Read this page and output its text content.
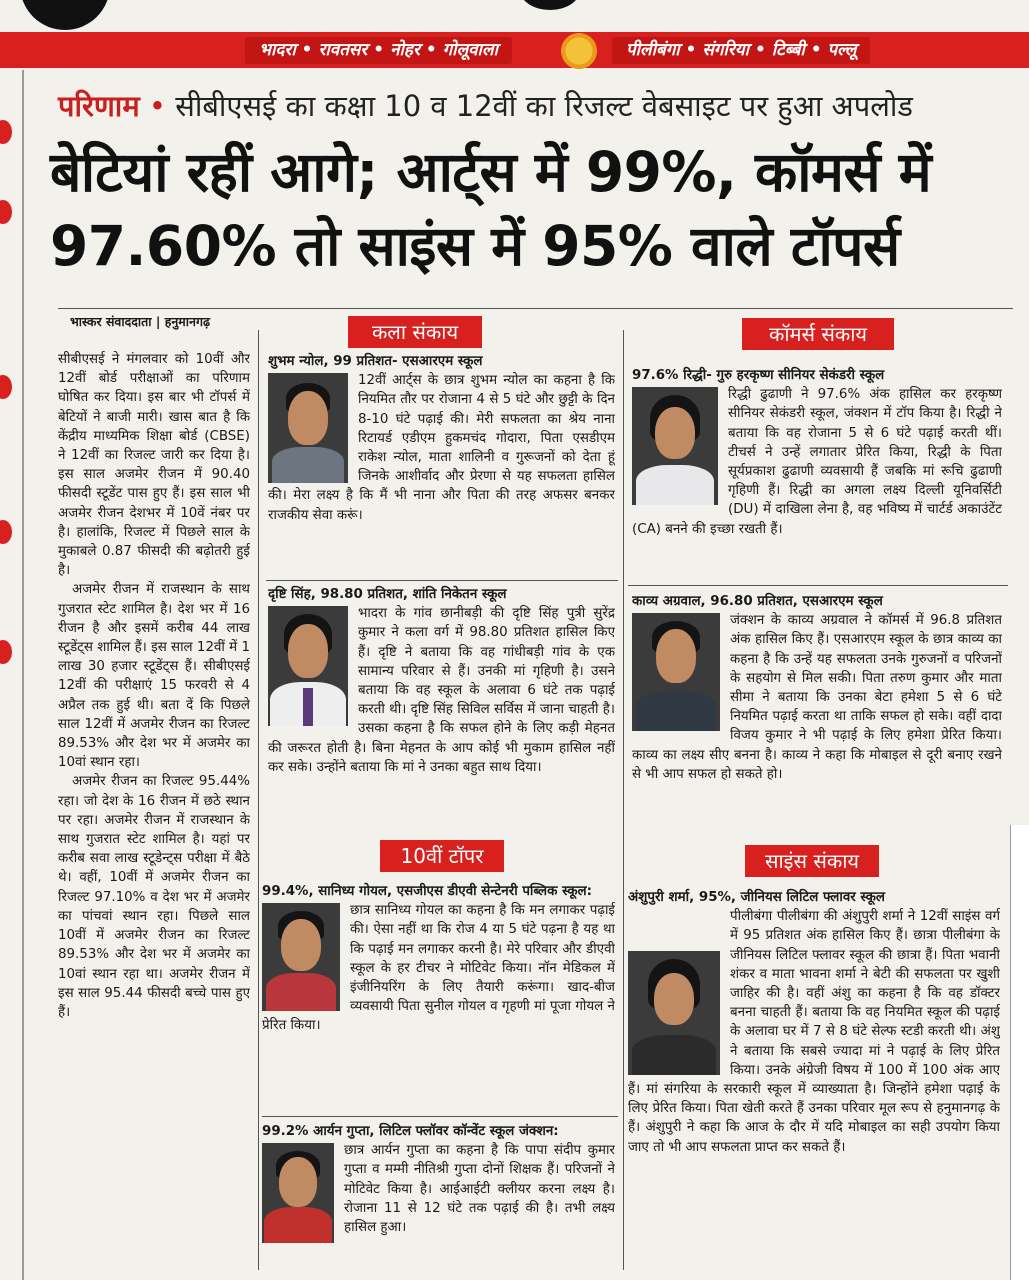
भादरा • रावतसर • नोहर • गोलूवाला	पीलीबंगा • संगरिया • टिब्बी • पल्लू
परिणाम • सीबीएसई का कक्षा 10 व 12वीं का रिजल्ट वेबसाइट पर हुआ अपलोड
बेटियां रहीं आगे; आर्ट्स में 99%, कॉमर्स में
97.60% तो साइंस में 95% वाले टॉपर्स
भास्कर संवाददाता | हनुमानगढ़

सीबीएसई ने मंगलवार को 10वीं और 12वीं बोर्ड परीक्षाओं का परिणाम घोषित कर दिया। इस बार भी टॉपर्स में बेटियों ने बाजी मारी। खास बात है कि केंद्रीय माध्यमिक शिक्षा बोर्ड (CBSE) ने 12वीं का रिजल्ट जारी कर दिया है। इस साल अजमेर रीजन में 90.40 फीसदी स्टूडेंट पास हुए हैं। इस साल भी अजमेर रीजन देशभर में 10वें नंबर पर है। हालांकि, रिजल्ट में पिछले साल के मुकाबले 0.87 फीसदी की बढ़ोतरी हुई है।

अजमेर रीजन में राजस्थान के साथ गुजरात स्टेट शामिल है। देश भर में 16 रीजन है और इसमें करीब 44 लाख स्टूडेंट्स शामिल हैं। इस साल 12वीं में 1 लाख 30 हजार स्टूडेंट्स हैं। सीबीएसई 12वीं की परीक्षाएं 15 फरवरी से 4 अप्रैल तक हुई थी। बता दें कि पिछले साल 12वीं में अजमेर रीजन का रिजल्ट 89.53% और देश भर में अजमेर का 10वां स्थान रहा।

अजमेर रीजन का रिजल्ट 95.44% रहा। जो देश के 16 रीजन में छठे स्थान पर रहा। अजमेर रीजन में राजस्थान के साथ गुजरात स्टेट शामिल है। यहां पर करीब सवा लाख स्टूडेन्ट्स परीक्षा में बैठे थे। वहीं, 10वीं में अजमेर रीजन का रिजल्ट 97.10% व देश भर में अजमेर का पांचवां स्थान रहा। पिछले साल 10वीं में अजमेर रीजन का रिजल्ट 89.53% और देश भर में अजमेर का 10वां स्थान रहा था। अजमेर रीजन में इस साल 95.44 फीसदी बच्चे पास हुए हैं।

कला संकाय
शुभम न्योल, 99 प्रतिशत- एसआरएम स्कूल
12वीं आर्ट्स के छात्र शुभम न्योल का कहना है कि नियमित तौर पर रोजाना 4 से 5 घंटे और छुट्टी के दिन 8-10 घंटे पढ़ाई की। मेरी सफलता का श्रेय नाना रिटायर्ड एडीएम हुकमचंद गोदारा, पिता एसडीएम राकेश न्योल, माता शालिनी व गुरूजनों को देता हूं जिनके आशीर्वाद और प्रेरणा से यह सफलता हासिल की। मेरा लक्ष्य है कि मैं भी नाना और पिता की तरह अफसर बनकर राजकीय सेवा करूं।
दृष्टि सिंह, 98.80 प्रतिशत, शांति निकेतन स्कूल
भादरा के गांव छानीबड़ी की दृष्टि सिंह पुत्री सुरेंद्र कुमार ने कला वर्ग में 98.80 प्रतिशत हासिल किए हैं। दृष्टि ने बताया कि वह गांधीबड़ी गांव के एक सामान्य परिवार से हैं। उनकी मां गृहिणी है। उसने बताया कि वह स्कूल के अलावा 6 घंटे तक पढ़ाई करती थी। दृष्टि सिंह सिविल सर्विस में जाना चाहती है। उसका कहना है कि सफल होने के लिए कड़ी मेहनत की जरूरत होती है। बिना मेहनत के आप कोई भी मुकाम हासिल नहीं कर सके। उन्होंने बताया कि मां ने उनका बहुत साथ दिया।
10वीं टॉपर
99.4%, सानिध्य गोयल, एसजीएस डीएवी सेन्टेनरी पब्लिक स्कूल:
छात्र सानिध्य गोयल का कहना है कि मन लगाकर पढ़ाई की। ऐसा नहीं था कि रोज 4 या 5 घंटे पढ़ना है यह था कि पढ़ाई मन लगाकर करनी है। मेरे परिवार और डीएवी स्कूल के हर टीचर ने मोटिवेट किया। नॉन मेडिकल में इंजीनियरिंग के लिए तैयारी करूंगा। खाद-बीज व्यवसायी पिता सुनील गोयल व गृहणी मां पूजा गोयल ने प्रेरित किया।
99.2% आर्यन गुप्ता, लिटिल फ्लॉवर कॉन्वेंट स्कूल जंक्शन:
छात्र आर्यन गुप्ता का कहना है कि पापा संदीप कुमार गुप्ता व मम्मी नीतिश्री गुप्ता दोनों शिक्षक हैं। परिजनों ने मोटिवेट किया है। आईआईटी क्लीयर करना लक्ष्य है। रोजाना 11 से 12 घंटे तक पढ़ाई की है। तभी लक्ष्य हासिल हुआ।
कॉमर्स संकाय
97.6% रिद्धी- गुरु हरकृष्ण सीनियर सेकंडरी स्कूल
रिद्धी ढुढाणी ने 97.6% अंक हासिल कर हरकृष्ण सीनियर सेकंडरी स्कूल, जंक्शन में टॉप किया है। रिद्धी ने बताया कि वह रोजाना 5 से 6 घंटे पढ़ाई करती थीं। टीचर्स ने उन्हें लगातार प्रेरित किया, रिद्धी के पिता सूर्यप्रकाश ढुढाणी व्यवसायी हैं जबकि मां रूचि ढुढाणी गृहिणी हैं। रिद्धी का अगला लक्ष्य दिल्ली यूनिवर्सिटी (DU) में दाखिला लेना है, वह भविष्य में चार्टर्ड अकाउंटेंट (CA) बनने की इच्छा रखती हैं।
काव्य अग्रवाल, 96.80 प्रतिशत, एसआरएम स्कूल
जंक्शन के काव्य अग्रवाल ने कॉमर्स में 96.8 प्रतिशत अंक हासिल किए हैं। एसआरएम स्कूल के छात्र काव्य का कहना है कि उन्हें यह सफलता उनके गुरुजनों व परिजनों के सहयोग से मिल सकी। पिता तरुण कुमार और माता सीमा ने बताया कि उनका बेटा हमेशा 5 से 6 घंटे नियमित पढ़ाई करता था ताकि सफल हो सके। वहीं दादा विजय कुमार ने भी पढ़ाई के लिए हमेशा प्रेरित किया। काव्य का लक्ष्य सीए बनना है। काव्य ने कहा कि मोबाइल से दूरी बनाए रखने से भी आप सफल हो सकते हो।
साइंस संकाय
अंशुपुरी शर्मा, 95%, जीनियस लिटिल फ्लावर स्कूल
पीलीबंगा पीलीबंगा की अंशुपुरी शर्मा ने 12वीं साइंस वर्ग में 95 प्रतिशत अंक हासिल किए हैं। छात्रा पीलीबंगा के जीनियस लिटिल फ्लावर स्कूल की छात्रा हैं। पिता भवानी शंकर व माता भावना शर्मा ने बेटी की सफलता पर खुशी जाहिर की है। वहीं अंशु का कहना है कि वह डॉक्टर बनना चाहती हैं। बताया कि वह नियमित स्कूल की पढ़ाई के अलावा घर में 7 से 8 घंटे सेल्फ स्टडी करती थी। अंशु ने बताया कि सबसे ज्यादा मां ने पढ़ाई के लिए प्रेरित किया। उनके अंग्रेजी विषय में 100 में 100 अंक आए हैं। मां संगरिया के सरकारी स्कूल में व्याख्याता है। जिन्होंने हमेशा पढ़ाई के लिए प्रेरित किया। पिता खेती करते हैं उनका परिवार मूल रूप से हनुमानगढ़ के हैं। अंशुपुरी ने कहा कि आज के दौर में यदि मोबाइल का सही उपयोग किया जाए तो भी आप सफलता प्राप्त कर सकते हैं।
